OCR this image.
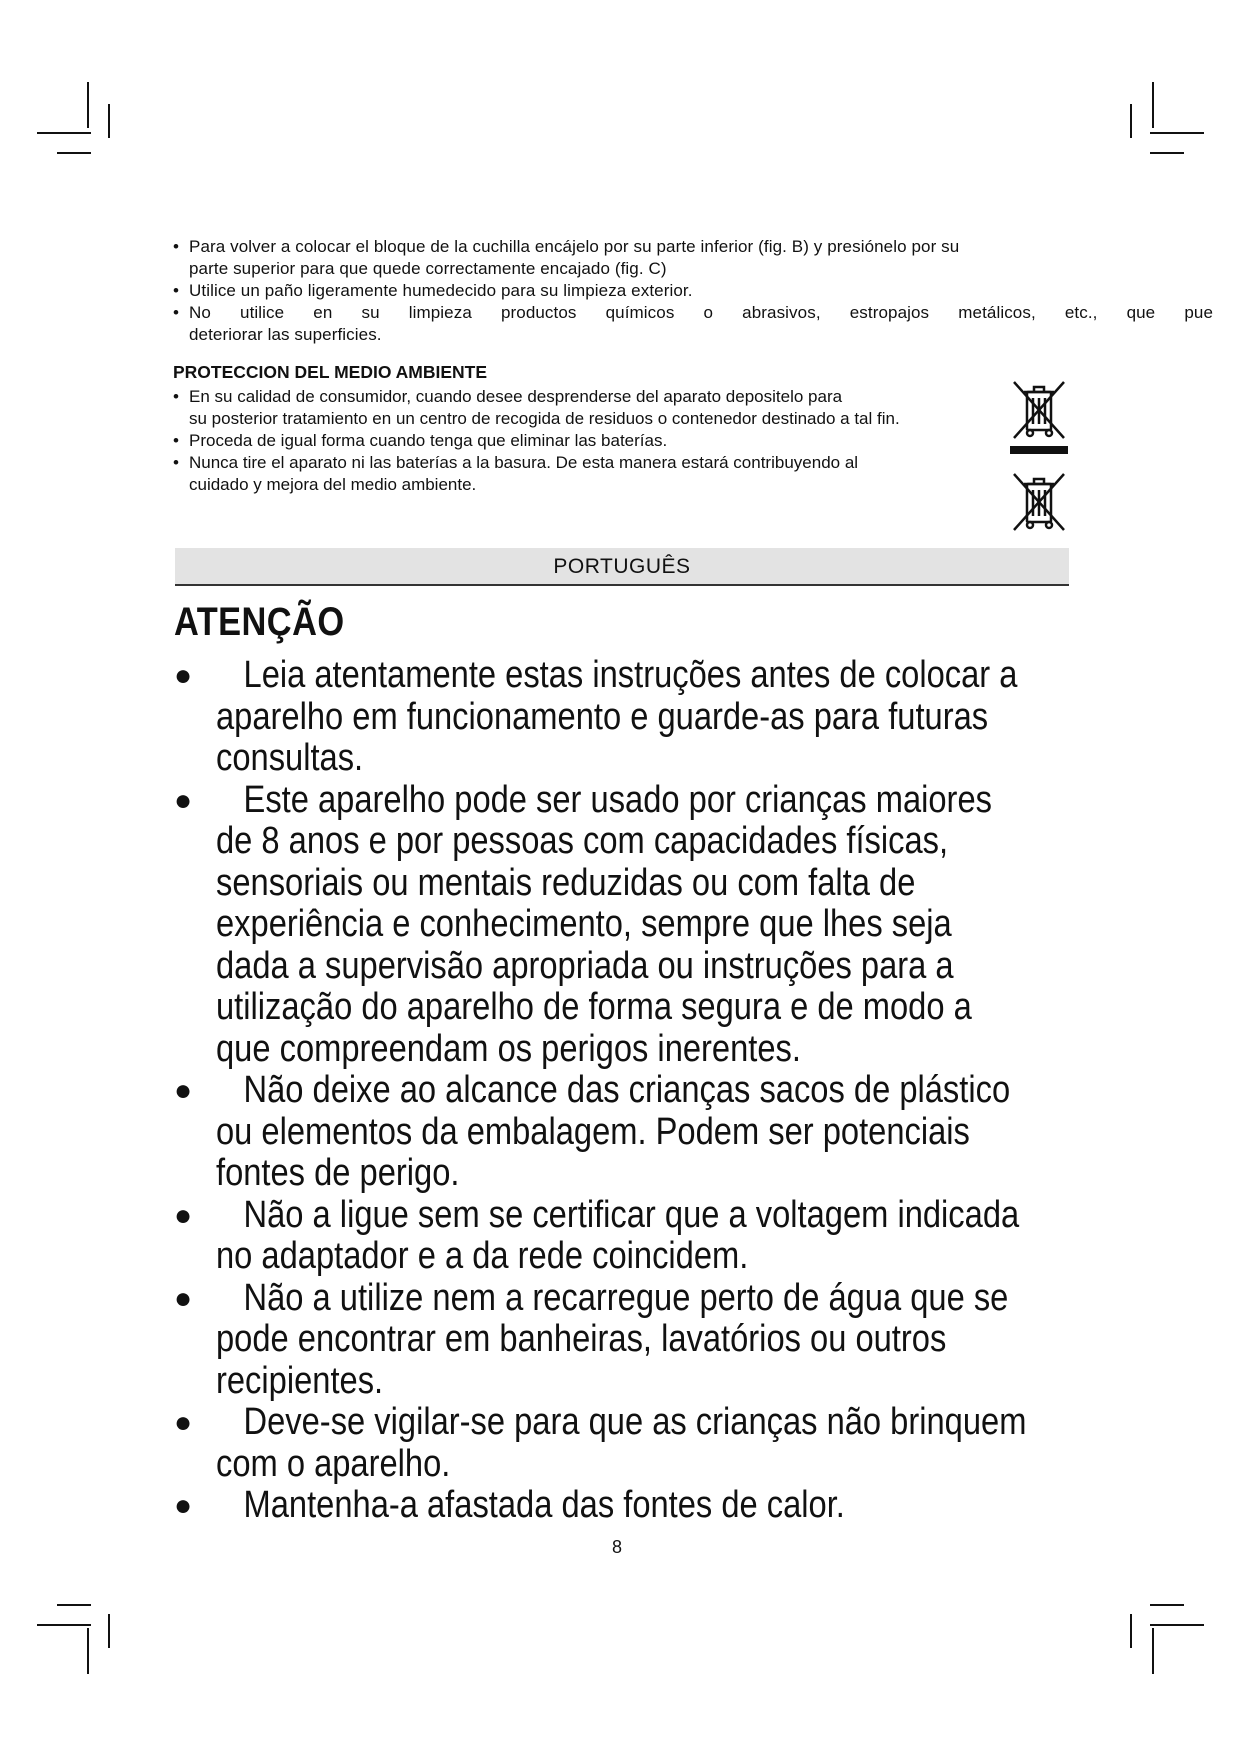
• Para volver a colocar el bloque de la cuchilla encájelo por su parte inferior (fig. B) y presiónelo por su
parte superior para que quede correctamente encajado (fig. C)
• Utilice un paño ligeramente humedecido para su limpieza exterior.
• No utilice en su limpieza productos químicos o abrasivos, estropajos metálicos, etc., que pue
deteriorar las superficies.
PROTECCION DEL MEDIO AMBIENTE
• En su calidad de consumidor, cuando desee desprenderse del aparato depositelo para
su posterior tratamiento en un centro de recogida de residuos o contenedor destinado a tal fin.
• Proceda de igual forma cuando tenga que eliminar las baterías.
• Nunca tire el aparato ni las baterías a la basura. De esta manera estará contribuyendo al
cuidado y mejora del medio ambiente.
PORTUGUÊS
ATENÇÃO
●	Leia atentamente estas instruções antes de colocar a
aparelho em funcionamento e guarde-as para futuras
consultas.
●	Este aparelho pode ser usado por crianças maiores
de 8 anos e por pessoas com capacidades físicas,
sensoriais ou mentais reduzidas ou com falta de
experiência e conhecimento, sempre que lhes seja
dada a supervisão apropriada ou instruções para a
utilização do aparelho de forma segura e de modo a
que compreendam os perigos inerentes.
●	Não deixe ao alcance das crianças sacos de plástico
ou elementos da embalagem. Podem ser potenciais
fontes de perigo.
●	Não a ligue sem se certificar que a voltagem indicada
no adaptador e a da rede coincidem.
●	Não a utilize nem a recarregue perto de água que se
pode encontrar em banheiras, lavatórios ou outros
recipientes.
●	Deve-se vigilar-se para que as crianças não brinquem
com o aparelho.
●	Mantenha-a afastada das fontes de calor.
8
